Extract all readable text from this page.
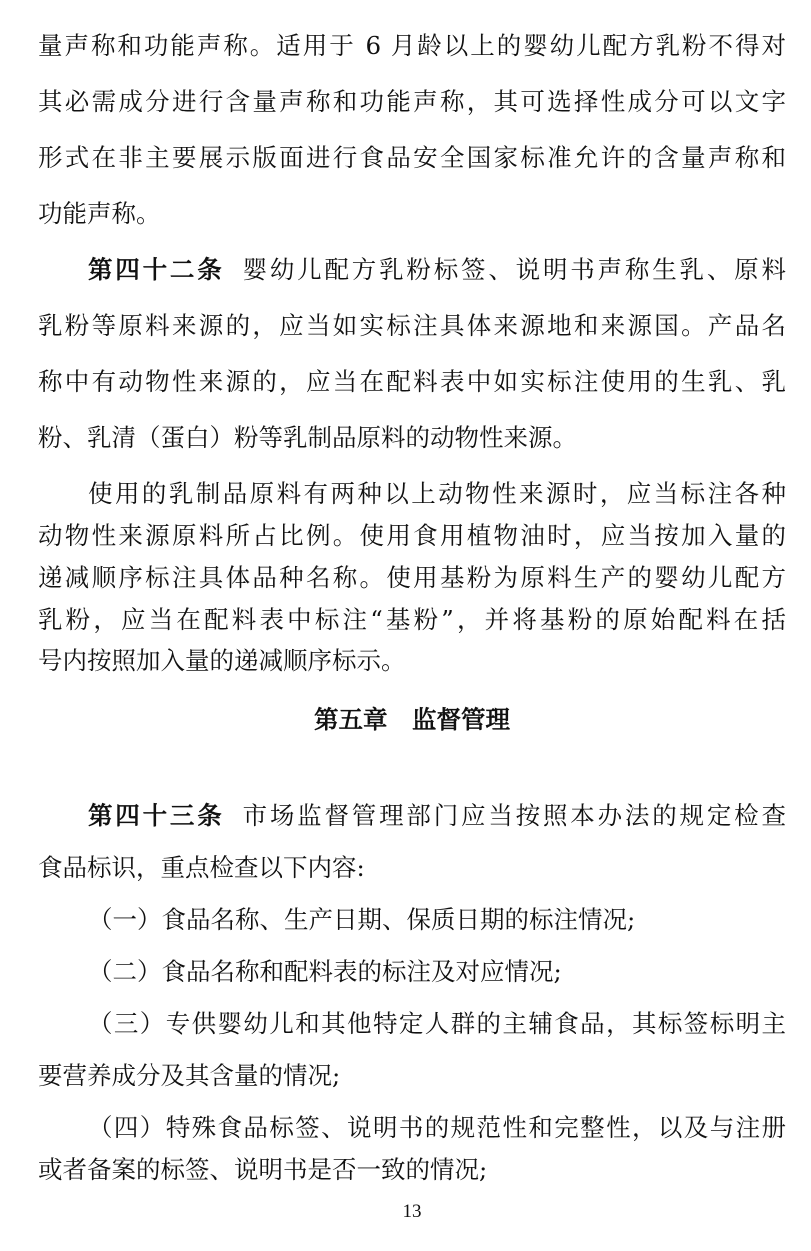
第五章　监督管理
13
量声称和功能声称。适用于 6 月龄以上的婴幼儿配方乳粉不得对
其必需成分进行含量声称和功能声称，其可选择性成分可以文字
形式在非主要展示版面进行食品安全国家标准允许的含量声称和
功能声称。
第四十二条 婴幼儿配方乳粉标签、说明书声称生乳、原料
乳粉等原料来源的，应当如实标注具体来源地和来源国。产品名
称中有动物性来源的，应当在配料表中如实标注使用的生乳、乳
粉、乳清（蛋白）粉等乳制品原料的动物性来源。
使用的乳制品原料有两种以上动物性来源时，应当标注各种
动物性来源原料所占比例。使用食用植物油时，应当按加入量的
递减顺序标注具体品种名称。使用基粉为原料生产的婴幼儿配方
乳粉，应当在配料表中标注“基粉”，并将基粉的原始配料在括
号内按照加入量的递减顺序标示。
第四十三条 市场监督管理部门应当按照本办法的规定检查
食品标识，重点检查以下内容:
（一）食品名称、生产日期、保质日期的标注情况;
（二）食品名称和配料表的标注及对应情况;
（三）专供婴幼儿和其他特定人群的主辅食品，其标签标明主
要营养成分及其含量的情况;
（四）特殊食品标签、说明书的规范性和完整性，以及与注册
或者备案的标签、说明书是否一致的情况;
